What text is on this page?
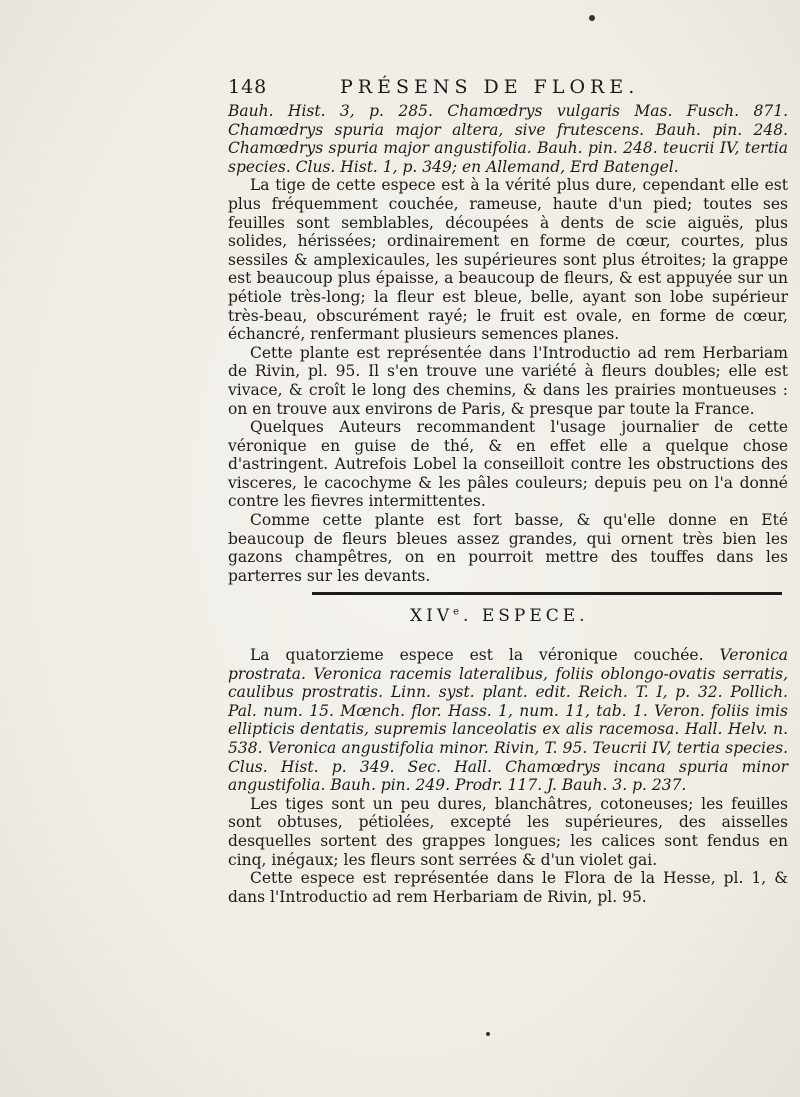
148	PRÉSENS DE FLORE.

Bauh. Hist. 3, p. 285. Chamœdrys vulgaris Mas. Fusch. 871. Chamœdrys spuria major altera, sive frutescens. Bauh. pin. 248. Chamœdrys spuria major angustifolia. Bauh. pin. 248. teucrii IV, tertia species. Clus. Hist. 1, p. 349; en Allemand, Erd Batengel.

La tige de cette espece est à la vérité plus dure, cependant elle est plus fréquemment couchée, rameuse, haute d'un pied; toutes ses feuilles sont semblables, découpées à dents de scie aiguës, plus solides, hérissées; ordinairement en forme de cœur, courtes, plus sessiles & amplexicaules, les supérieures sont plus étroites; la grappe est beaucoup plus épaisse, a beaucoup de fleurs, & est appuyée sur un pétiole très-long; la fleur est bleue, belle, ayant son lobe supérieur très-beau, obscurément rayé; le fruit est ovale, en forme de cœur, échancré, renfermant plusieurs semences planes.

Cette plante est représentée dans l'Introductio ad rem Herbariam de Rivin, pl. 95. Il s'en trouve une variété à fleurs doubles; elle est vivace, & croît le long des chemins, & dans les prairies montueuses : on en trouve aux environs de Paris, & presque par toute la France.

Quelques Auteurs recommandent l'usage journalier de cette véronique en guise de thé, & en effet elle a quelque chose d'astringent. Autrefois Lobel la conseilloit contre les obstructions des visceres, le cacochyme & les pâles couleurs; depuis peu on l'a donné contre les fievres intermittentes.

Comme cette plante est fort basse, & qu'elle donne en Eté beaucoup de fleurs bleues assez grandes, qui ornent très bien les gazons champêtres, on en pourroit mettre des touffes dans les parterres sur les devants.

XIVe. ESPECE.

La quatorzieme espece est la véronique couchée. Veronica prostrata. Veronica racemis lateralibus, foliis oblongo-ovatis serratis, caulibus prostratis. Linn. syst. plant. edit. Reich. T. I, p. 32. Pollich. Pal. num. 15. Mœnch. flor. Hass. 1, num. 11, tab. 1. Veron. foliis imis ellipticis dentatis, supremis lanceolatis ex alis racemosa. Hall. Helv. n. 538. Veronica angustifolia minor. Rivin, T. 95. Teucrii IV, tertia species. Clus. Hist. p. 349. Sec. Hall. Chamœdrys incana spuria minor angustifolia. Bauh. pin. 249. Prodr. 117. J. Bauh. 3. p. 237.

Les tiges sont un peu dures, blanchâtres, cotoneuses; les feuilles sont obtuses, pétiolées, excepté les supérieures, des aisselles desquelles sortent des grappes longues; les calices sont fendus en cinq, inégaux; les fleurs sont serrées & d'un violet gai.

Cette espece est représentée dans le Flora de la Hesse, pl. 1, & dans l'Introductio ad rem Herbariam de Rivin, pl. 95.
